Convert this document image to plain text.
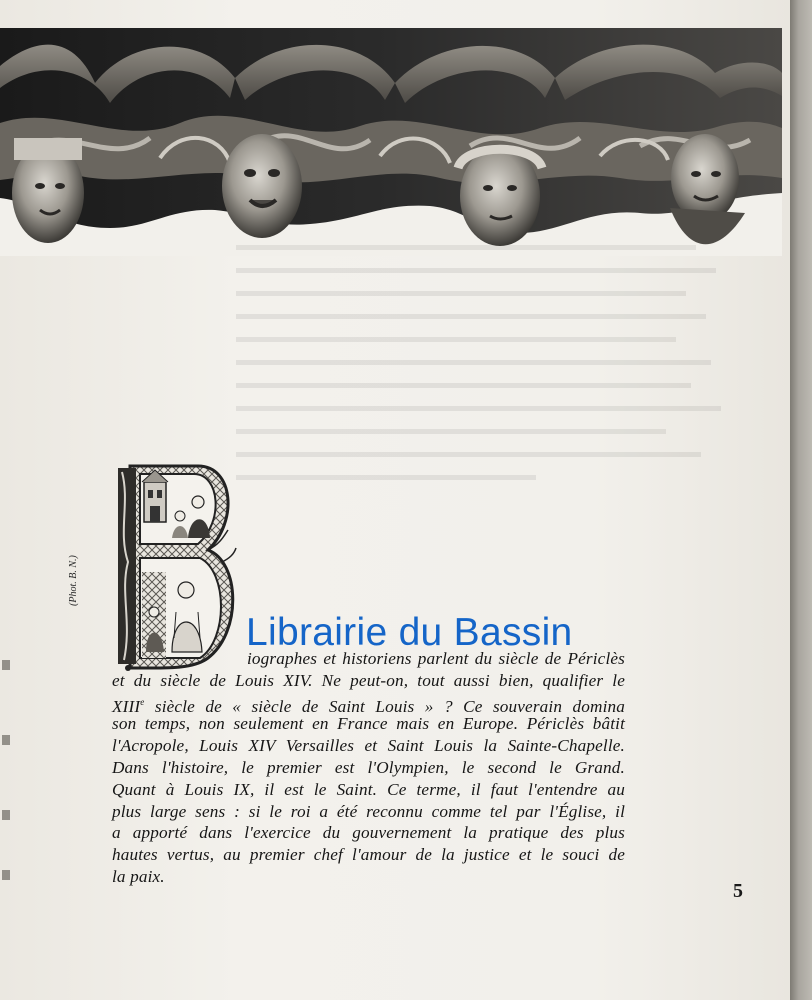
(Phot. B. N.)
iographes et historiens parlent du siècle de Périclès
et du siècle de Louis XIV. Ne peut-on, tout aussi bien, qualifier le
XIIIe siècle de « siècle de Saint Louis » ? Ce souverain domina
son temps, non seulement en France mais en Europe. Périclès bâtit
l'Acropole, Louis XIV Versailles et Saint Louis la Sainte-Chapelle.
Dans l'histoire, le premier est l'Olympien, le second le Grand.
Quant à Louis IX, il est le Saint. Ce terme, il faut l'entendre au
plus large sens : si le roi a été reconnu comme tel par l'Église, il
a apporté dans l'exercice du gouvernement la pratique des plus
hautes vertus, au premier chef l'amour de la justice et le souci de
la paix.
5
Librairie du Bassin
